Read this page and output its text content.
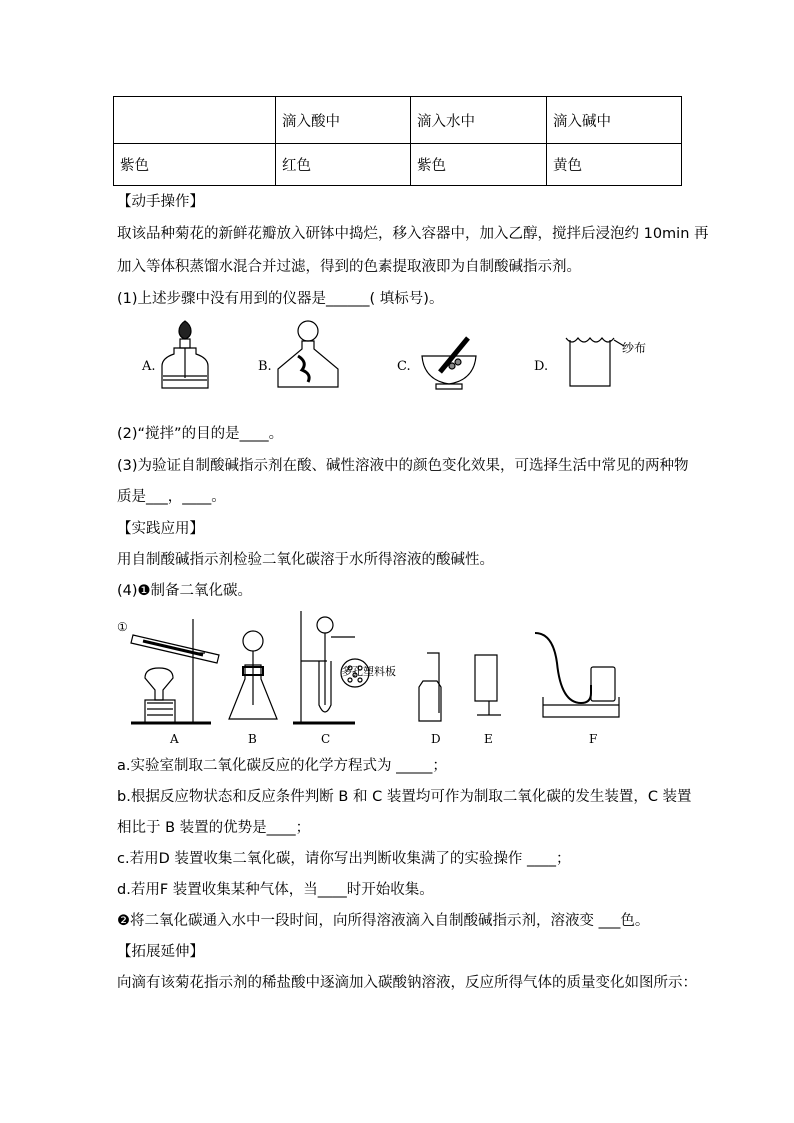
	滴入酸中	滴入水中	滴入碱中
紫色	红色	紫色	黄色
【动手操作】
取该品种菊花的新鲜花瓣放入研钵中捣烂，移入容器中，加入乙醇，搅拌后浸泡约 10min 再
加入等体积蒸馏水混合并过滤，得到的色素提取液即为自制酸碱指示剂。
(1)上述步骤中没有用到的仪器是______( 填标号)。
A.	B.	C.	D.
纱布
(2)“搅拌”的目的是____。
(3)为验证自制酸碱指示剂在酸、碱性溶液中的颜色变化效果，可选择生活中常见的两种物
质是___，____。
【实践应用】
用自制酸碱指示剂检验二氧化碳溶于水所得溶液的酸碱性。
(4)❶制备二氧化碳。
①
多孔塑料板
A	B	C	D	E	F
a.实验室制取二氧化碳反应的化学方程式为 _____；
b.根据反应物状态和反应条件判断 B 和 C 装置均可作为制取二氧化碳的发生装置，C 装置
相比于 B 装置的优势是____；
c.若用D 装置收集二氧化碳，请你写出判断收集满了的实验操作 ____；
d.若用F 装置收集某种气体，当____时开始收集。
❷将二氧化碳通入水中一段时间，向所得溶液滴入自制酸碱指示剂，溶液变 ___色。
【拓展延伸】
向滴有该菊花指示剂的稀盐酸中逐滴加入碳酸钠溶液，反应所得气体的质量变化如图所示：
